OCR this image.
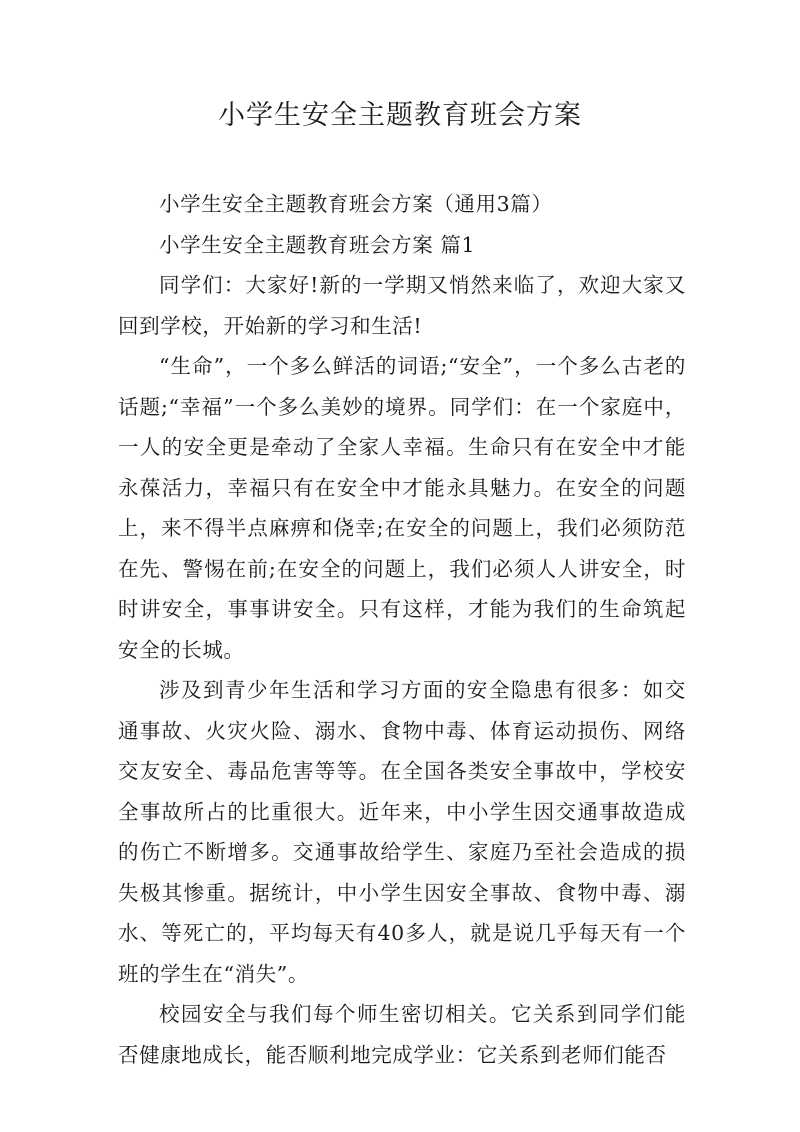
小学生安全主题教育班会方案

小学生安全主题教育班会方案（通用3篇）

小学生安全主题教育班会方案 篇1

同学们：大家好!新的一学期又悄然来临了，欢迎大家又回到学校，开始新的学习和生活!

“生命”，一个多么鲜活的词语;“安全”，一个多么古老的话题;“幸福”一个多么美妙的境界。同学们：在一个家庭中，一人的安全更是牵动了全家人幸福。生命只有在安全中才能永葆活力，幸福只有在安全中才能永具魅力。在安全的问题上，来不得半点麻痹和侥幸;在安全的问题上，我们必须防范在先、警惕在前;在安全的问题上，我们必须人人讲安全，时时讲安全，事事讲安全。只有这样，才能为我们的生命筑起安全的长城。

涉及到青少年生活和学习方面的安全隐患有很多：如交通事故、火灾火险、溺水、食物中毒、体育运动损伤、网络交友安全、毒品危害等等。在全国各类安全事故中，学校安全事故所占的比重很大。近年来，中小学生因交通事故造成的伤亡不断增多。交通事故给学生、家庭乃至社会造成的损失极其惨重。据统计，中小学生因安全事故、食物中毒、溺水、等死亡的，平均每天有40多人，就是说几乎每天有一个班的学生在“消失”。

校园安全与我们每个师生密切相关。它关系到同学们能否健康地成长，能否顺利地完成学业：它关系到老师们能否
